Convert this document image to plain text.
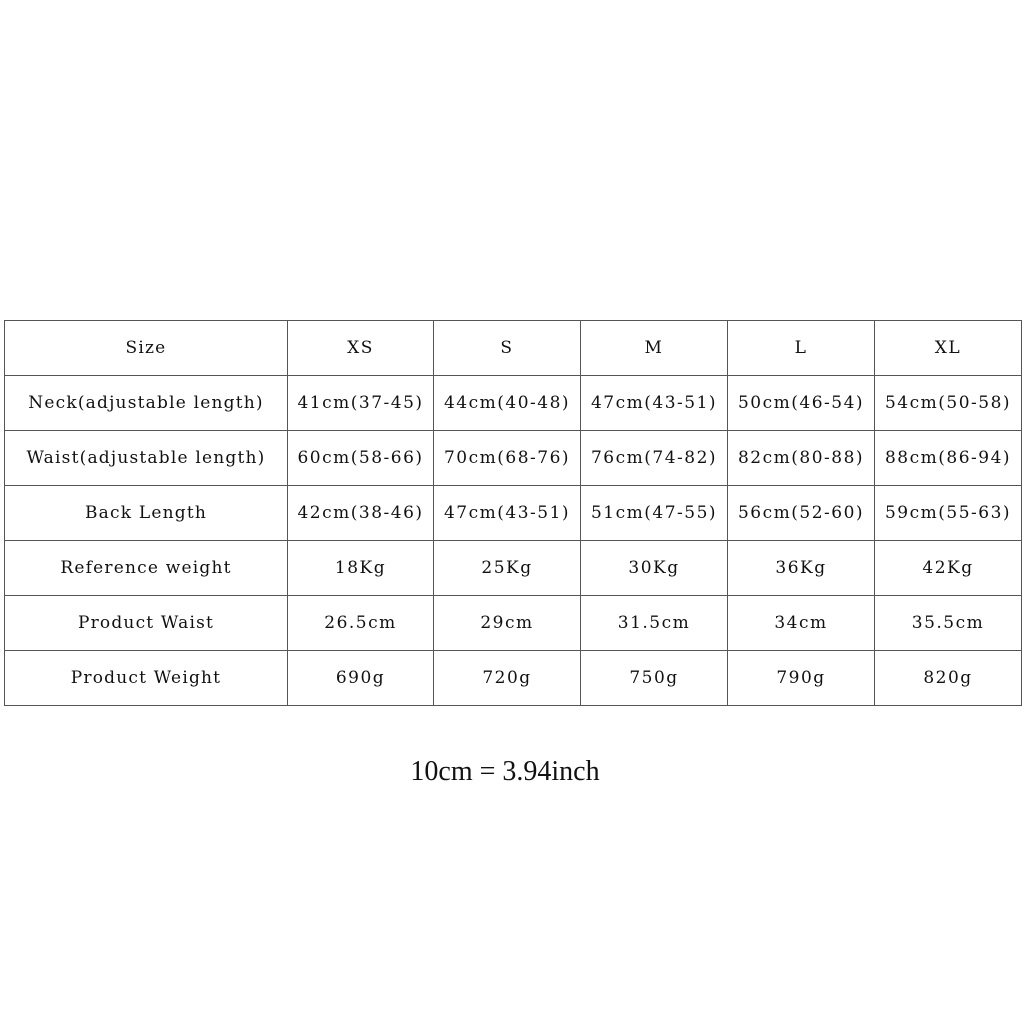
Size	XS	S	M	L	XL
Neck(adjustable length)	41cm(37-45)	44cm(40-48)	47cm(43-51)	50cm(46-54)	54cm(50-58)
Waist(adjustable length)	60cm(58-66)	70cm(68-76)	76cm(74-82)	82cm(80-88)	88cm(86-94)
Back Length	42cm(38-46)	47cm(43-51)	51cm(47-55)	56cm(52-60)	59cm(55-63)
Reference weight	18Kg	25Kg	30Kg	36Kg	42Kg
Product Waist	26.5cm	29cm	31.5cm	34cm	35.5cm
Product Weight	690g	720g	750g	790g	820g
10cm = 3.94inch
